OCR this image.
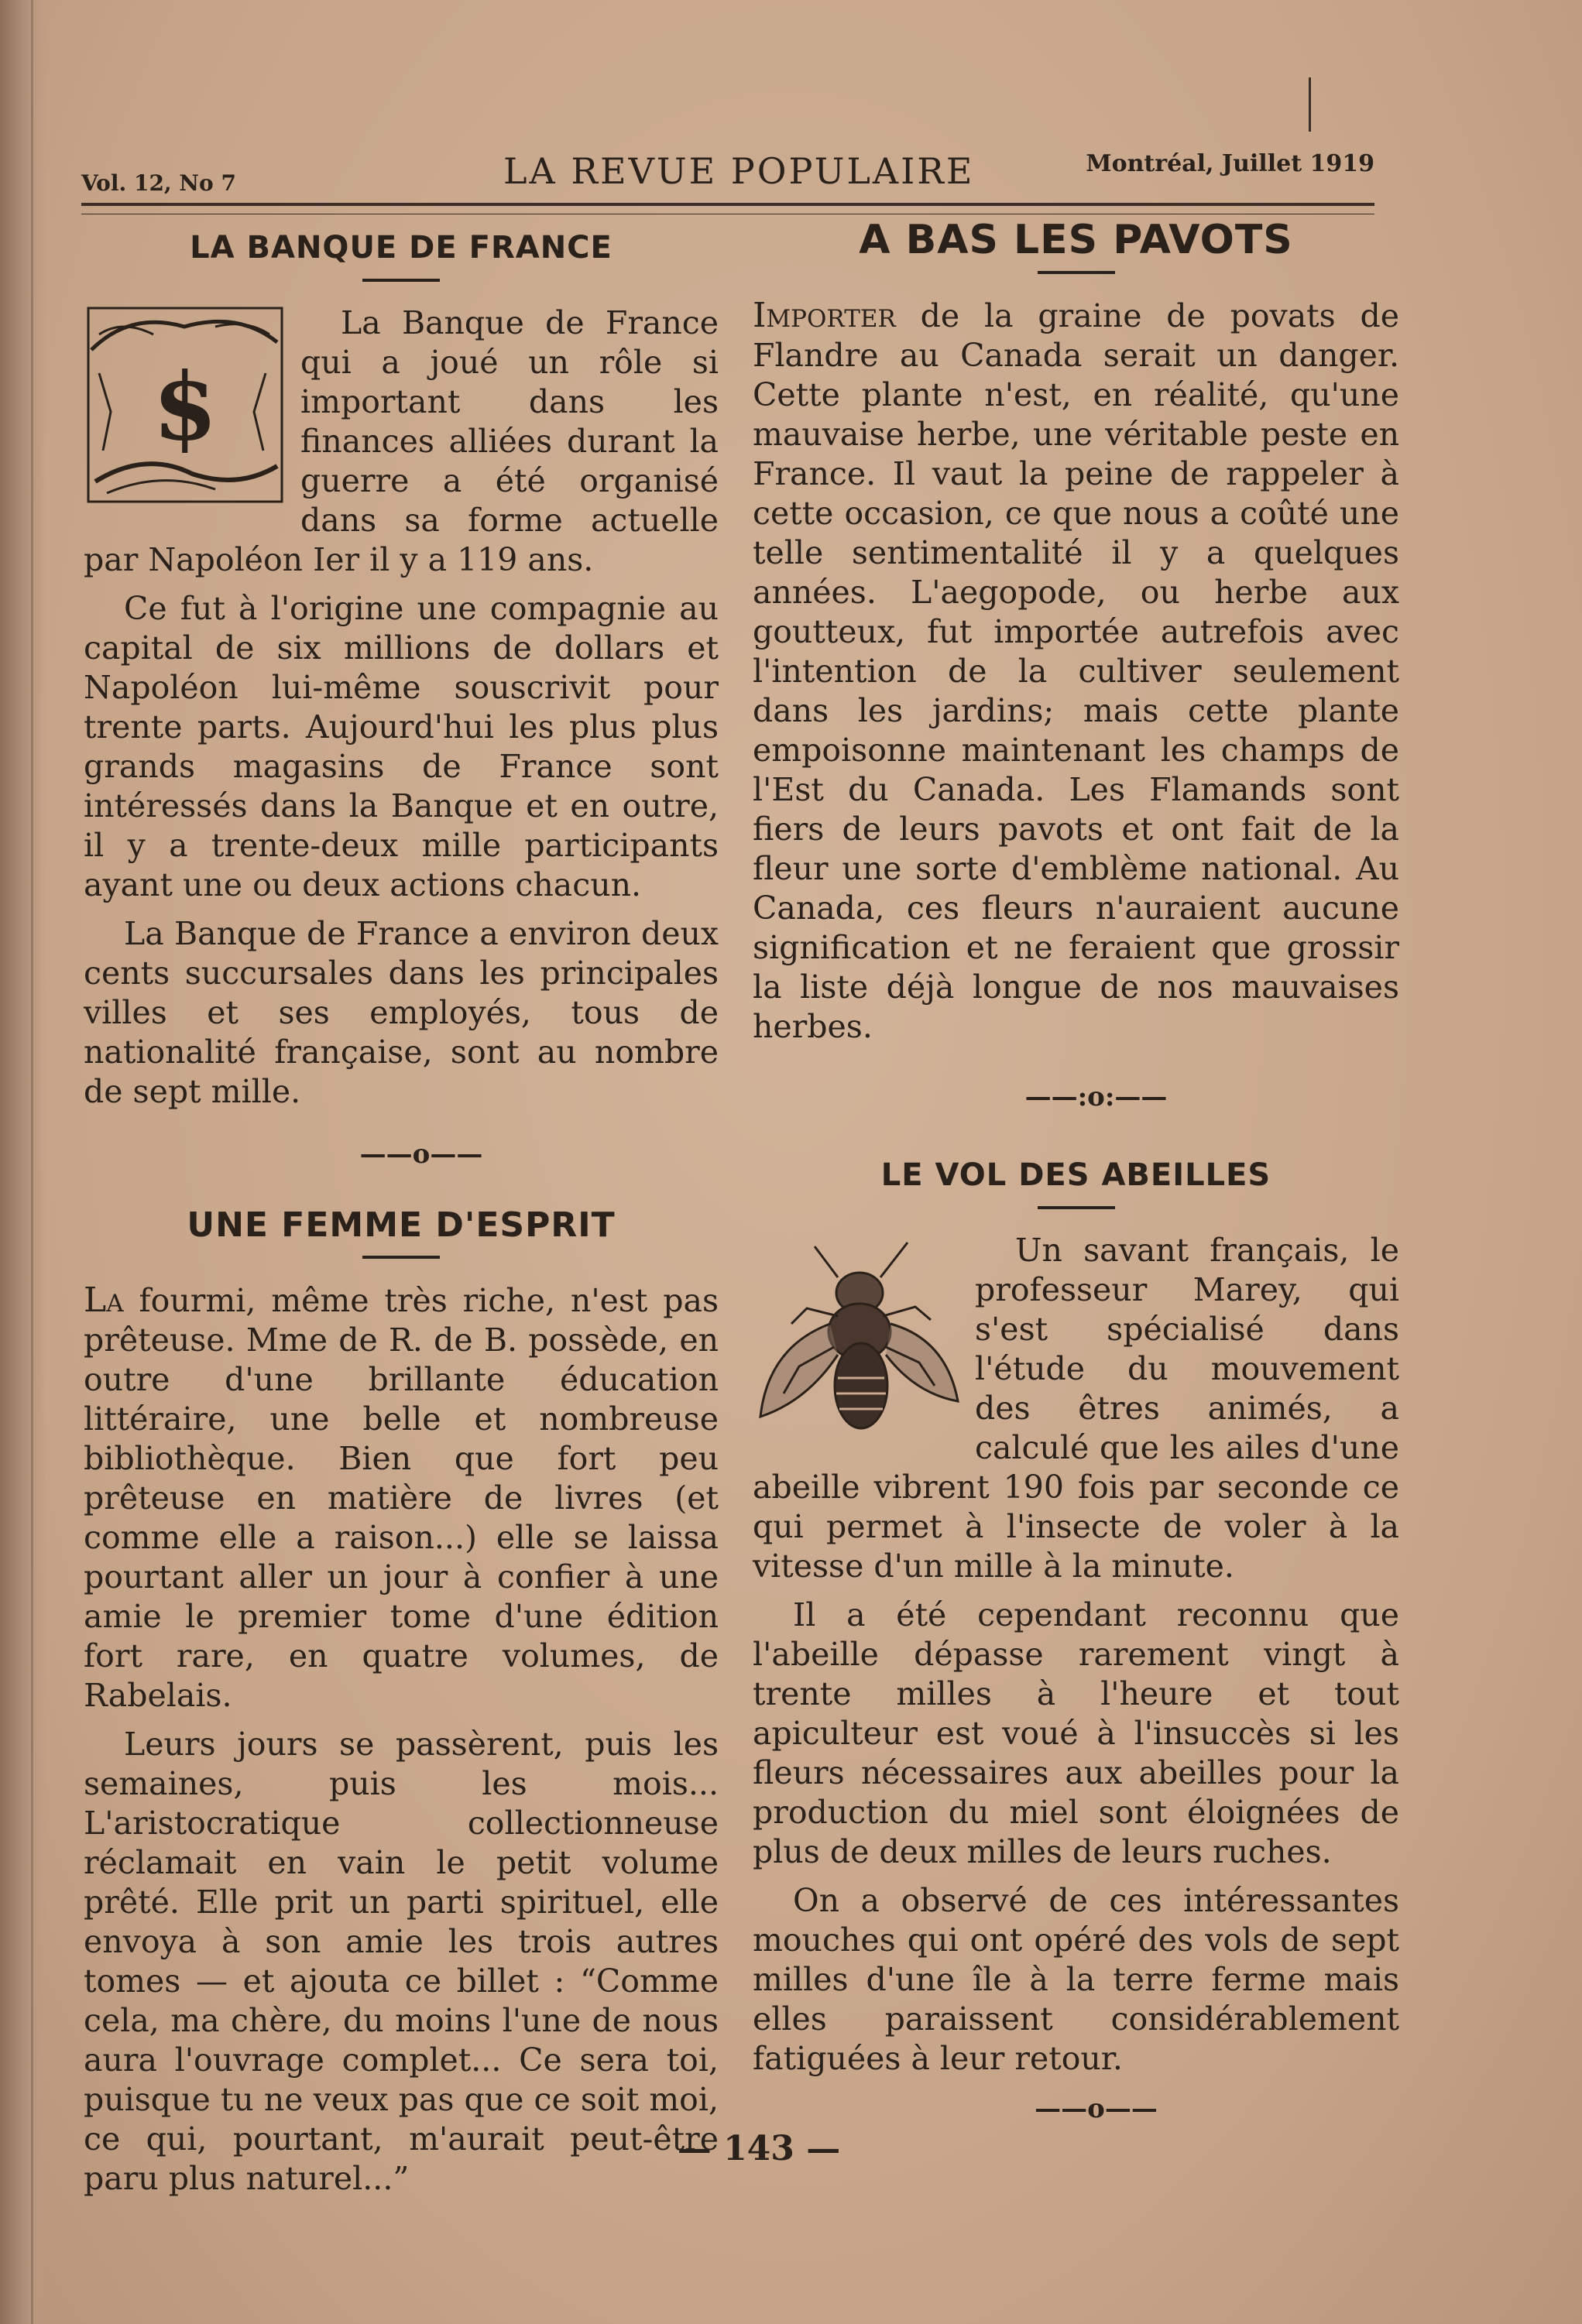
Vol. 12, No 7	LA REVUE POPULAIRE	Montréal, Juillet 1919
LA BANQUE DE FRANCE
$

La Banque de France qui a joué un rôle si important dans les finances alliées durant la guerre a été organisé dans sa forme actuelle par Napoléon Ier il y a 119 ans.

Ce fut à l'origine une compagnie au capital de six millions de dollars et Napoléon lui-même souscrivit pour trente parts. Aujourd'hui les plus plus grands magasins de France sont intéressés dans la Banque et en outre, il y a trente-deux mille participants ayant une ou deux actions chacun.

La Banque de France a environ deux cents succursales dans les principales villes et ses employés, tous de nationalité française, sont au nombre de sept mille.

——o——

UNE FEMME D'ESPRIT

La fourmi, même très riche, n'est pas prêteuse. Mme de R. de B. possède, en outre d'une brillante éducation littéraire, une belle et nombreuse bibliothèque. Bien que fort peu prêteuse en matière de livres (et comme elle a raison...) elle se laissa pourtant aller un jour à confier à une amie le premier tome d'une édition fort rare, en quatre volumes, de Rabelais.

Leurs jours se passèrent, puis les semaines, puis les mois... L'aristocratique collectionneuse réclamait en vain le petit volume prêté. Elle prit un parti spirituel, elle envoya à son amie les trois autres tomes — et ajouta ce billet : “Comme cela, ma chère, du moins l'une de nous aura l'ouvrage complet... Ce sera toi, puisque tu ne veux pas que ce soit moi, ce qui, pourtant, m'aurait peut-être paru plus naturel...”

A BAS LES PAVOTS

Importer de la graine de povats de Flandre au Canada serait un danger. Cette plante n'est, en réalité, qu'une mauvaise herbe, une véritable peste en France. Il vaut la peine de rappeler à cette occasion, ce que nous a coûté une telle sentimentalité il y a quelques années. L'aegopode, ou herbe aux goutteux, fut importée autrefois avec l'intention de la cultiver seulement dans les jardins; mais cette plante empoisonne maintenant les champs de l'Est du Canada. Les Flamands sont fiers de leurs pavots et ont fait de la fleur une sorte d'emblème national. Au Canada, ces fleurs n'auraient aucune signification et ne feraient que grossir la liste déjà longue de nos mauvaises herbes.

——:o:——

LE VOL DES ABEILLES

Un savant français, le professeur Marey, qui s'est spécialisé dans l'étude du mouvement des êtres animés, a calculé que les ailes d'une abeille vibrent 190 fois par seconde ce qui permet à l'insecte de voler à la vitesse d'un mille à la minute.

Il a été cependant reconnu que l'abeille dépasse rarement vingt à trente milles à l'heure et tout apiculteur est voué à l'insuccès si les fleurs nécessaires aux abeilles pour la production du miel sont éloignées de plus de deux milles de leurs ruches.

On a observé de ces intéressantes mouches qui ont opéré des vols de sept milles d'une île à la terre ferme mais elles paraissent considérablement fatiguées à leur retour.

——o——

— 143 —
